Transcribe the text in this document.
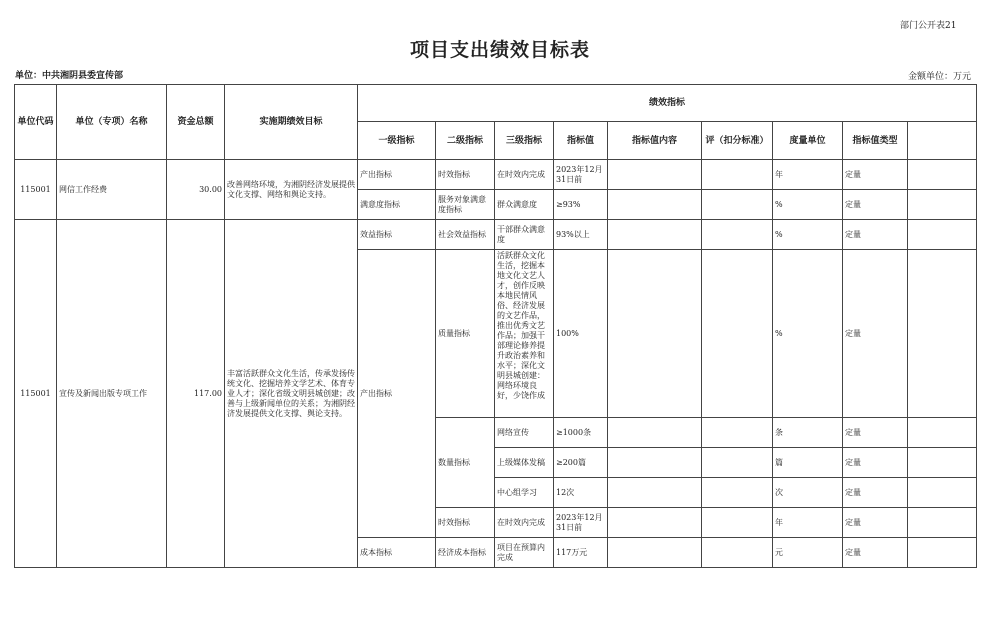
部门公开表21
项目支出绩效目标表
单位：中共湘阴县委宣传部	金额单位：万元
单位代码	单位（专项）名称	资金总额	实施期绩效目标	绩效指标								
				一级指标	二级指标	三级指标	指标值	指标值内容	评（扣分标准）	度量单位	指标值类型	
115001	网信工作经费	30.00	改善网络环境，为湘阴经济发展提供文化支撑、网络和舆论支持。	产出指标	时效指标	在时效内完成	2023年12月31日前			年	定量	
				满意度指标	服务对象满意度指标	群众满意度	≥93%			%	定量	
115001	宣传及新闻出版专项工作	117.00	丰富活跃群众文化生活，传承发扬传统文化、挖掘培养文学艺术、体育专业人才；深化省级文明县城创建；改善与上级新闻单位的关系；为湘阴经济发展提供文化支撑、舆论支持。	效益指标	社会效益指标	干部群众满意度	93%以上			%	定量	
				产出指标	质量指标	活跃群众文化生活，挖掘本地文化文艺人才，创作反映本地民情风俗、经济发展的文艺作品，推出优秀文艺作品；加强干部理论修养提升政治素养和水平；深化文明县城创建：网络环境良好，少饶作成	100%			%	定量	
					数量指标	网络宣传	≥1000条			条	定量	
						上级媒体发稿	≥200篇			篇	定量	
						中心组学习	12次			次	定量	
					时效指标	在时效内完成	2023年12月31日前			年	定量	
				成本指标	经济成本指标	项目在预算内完成	117万元			元	定量	
